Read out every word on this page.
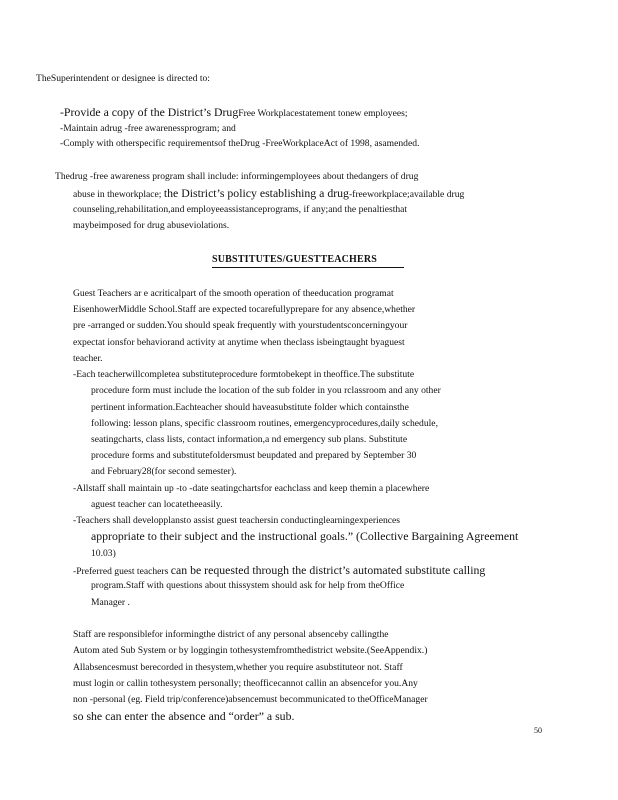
TheSuperintendent or designee is directed to:
-Provide a copy of the District’s DrugFree Workplacestatement tonew employees;
-Maintain adrug -free awarenessprogram; and
-Comply with otherspecific requirementsof theDrug -FreeWorkplaceAct of 1998, asamended.
Thedrug -free awareness program shall include: informingemployees about thedangers of drug
abuse in theworkplace; the District’s policy establishing a drug-freeworkplace;available drug
counseling,rehabilitation,and employeeassistanceprograms, if any;and the penaltiesthat
maybeimposed for drug abuseviolations.
SUBSTITUTES/GUESTTEACHERS
Guest Teachers ar e acriticalpart of the smooth operation of theeducation programat
EisenhowerMiddle School.Staff are expected tocarefullyprepare for any absence,whether
pre -arranged or sudden.You should speak frequently with yourstudentsconcerningyour
expectat ionsfor behaviorand activity at anytime when theclass isbeingtaught byaguest
teacher.
-Each teacherwillcompletea substituteprocedure formtobekept in theoffice.The substitute
procedure form must include the location of the sub folder in you rclassroom and any other
pertinent information.Eachteacher should haveasubstitute folder which containsthe
following: lesson plans, specific classroom routines, emergencyprocedures,daily schedule,
seatingcharts, class lists, contact information,a nd emergency sub plans. Substitute
procedure forms and substitutefoldersmust beupdated and prepared by September 30
and February28(for second semester).
-Allstaff shall maintain up -to -date seatingchartsfor eachclass and keep themin a placewhere
aguest teacher can locatetheeasily.
-Teachers shall developplansto assist guest teachersin conductinglearningexperiences
appropriate to their subject and the instructional goals.” (Collective Bargaining Agreement
10.03)
-Preferred guest teachers can be requested through the district’s automated substitute calling
program.Staff with questions about thissystem should ask for help from theOffice
Manager .
Staff are responsiblefor informingthe district of any personal absenceby callingthe
Autom ated Sub System or by loggingin tothesystemfromthedistrict website.(SeeAppendix.)
Allabsencesmust berecorded in thesystem,whether you require asubstituteor not. Staff
must login or callin tothesystem personally; theofficecannot callin an absencefor you.Any
non -personal (eg. Field trip/conference)absencemust becommunicated to theOfficeManager
so she can enter the absence and “order” a sub.
50
